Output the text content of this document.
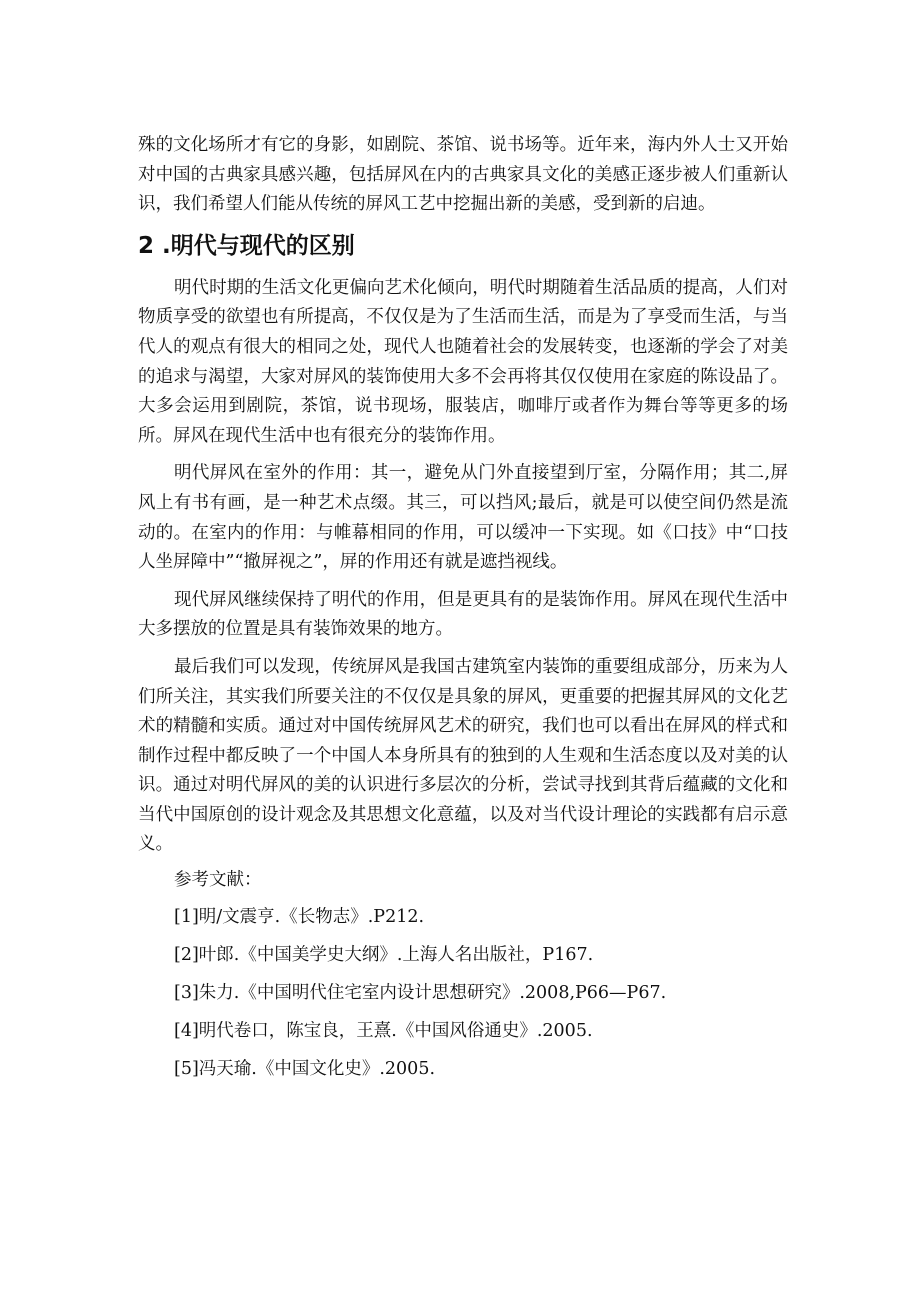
殊的文化场所才有它的身影，如剧院、茶馆、说书场等。近年来，海内外人士又开始对中国的古典家具感兴趣，包括屏风在内的古典家具文化的美感正逐步被人们重新认识，我们希望人们能从传统的屏风工艺中挖掘出新的美感，受到新的启迪。

2 .明代与现代的区别

明代时期的生活文化更偏向艺术化倾向，明代时期随着生活品质的提高，人们对物质享受的欲望也有所提高，不仅仅是为了生活而生活，而是为了享受而生活，与当代人的观点有很大的相同之处，现代人也随着社会的发展转变，也逐渐的学会了对美的追求与渴望，大家对屏风的装饰使用大多不会再将其仅仅使用在家庭的陈设品了。大多会运用到剧院，茶馆，说书现场，服装店，咖啡厅或者作为舞台等等更多的场所。屏风在现代生活中也有很充分的装饰作用。

明代屏风在室外的作用：其一，避免从门外直接望到厅室，分隔作用；其二,屏风上有书有画，是一种艺术点缀。其三，可以挡风;最后，就是可以使空间仍然是流动的。在室内的作用：与帷幕相同的作用，可以缓冲一下实现。如《口技》中“口技人坐屏障中”“撤屏视之”，屏的作用还有就是遮挡视线。

现代屏风继续保持了明代的作用，但是更具有的是装饰作用。屏风在现代生活中大多摆放的位置是具有装饰效果的地方。

最后我们可以发现，传统屏风是我国古建筑室内装饰的重要组成部分，历来为人们所关注，其实我们所要关注的不仅仅是具象的屏风，更重要的把握其屏风的文化艺术的精髓和实质。通过对中国传统屏风艺术的研究，我们也可以看出在屏风的样式和制作过程中都反映了一个中国人本身所具有的独到的人生观和生活态度以及对美的认识。通过对明代屏风的美的认识进行多层次的分析，尝试寻找到其背后蕴藏的文化和当代中国原创的设计观念及其思想文化意蕴，以及对当代设计理论的实践都有启示意义。

参考文献：

[1]明/文震亨.《长物志》.P212.
[2]叶郎.《中国美学史大纲》.上海人名出版社，P167.
[3]朱力.《中国明代住宅室内设计思想研究》.2008,P66—P67.
[4]明代卷口，陈宝良，王熹.《中国风俗通史》.2005.
[5]冯天瑜.《中国文化史》.2005.
